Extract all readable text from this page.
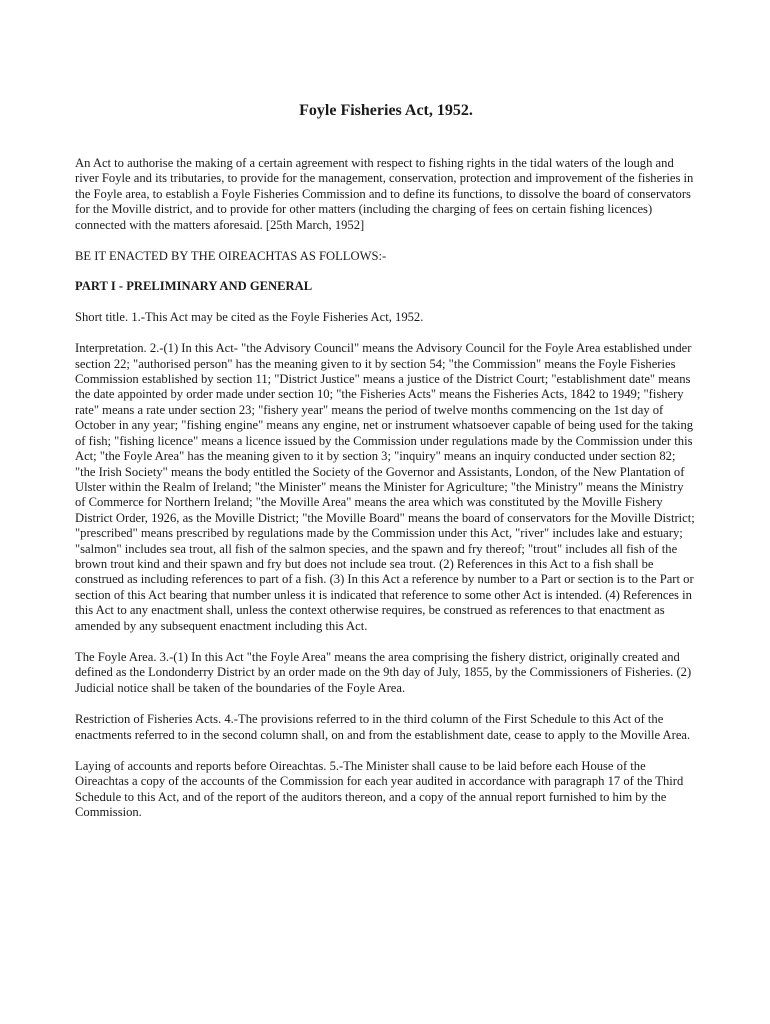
Foyle Fisheries Act, 1952.

An Act to authorise the making of a certain agreement with respect to fishing rights in the tidal waters of the lough and river Foyle and its tributaries, to provide for the management, conservation, protection and improvement of the fisheries in the Foyle area, to establish a Foyle Fisheries Commission and to define its functions, to dissolve the board of conservators for the Moville district, and to provide for other matters (including the charging of fees on certain fishing licences) connected with the matters aforesaid. [25th March, 1952]

BE IT ENACTED BY THE OIREACHTAS AS FOLLOWS:-

PART I - PRELIMINARY AND GENERAL

Short title. 1.-This Act may be cited as the Foyle Fisheries Act, 1952.

Interpretation. 2.-(1) In this Act- "the Advisory Council" means the Advisory Council for the Foyle Area established under section 22; "authorised person" has the meaning given to it by section 54; "the Commission" means the Foyle Fisheries Commission established by section 11; "District Justice" means a justice of the District Court; "establishment date" means the date appointed by order made under section 10; "the Fisheries Acts" means the Fisheries Acts, 1842 to 1949; "fishery rate" means a rate under section 23; "fishery year" means the period of twelve months commencing on the 1st day of October in any year; "fishing engine" means any engine, net or instrument whatsoever capable of being used for the taking of fish; "fishing licence" means a licence issued by the Commission under regulations made by the Commission under this Act; "the Foyle Area" has the meaning given to it by section 3; "inquiry" means an inquiry conducted under section 82; "the Irish Society" means the body entitled the Society of the Governor and Assistants, London, of the New Plantation of Ulster within the Realm of Ireland; "the Minister" means the Minister for Agriculture; "the Ministry" means the Ministry of Commerce for Northern Ireland; "the Moville Area" means the area which was constituted by the Moville Fishery District Order, 1926, as the Moville District; "the Moville Board" means the board of conservators for the Moville District; "prescribed" means prescribed by regulations made by the Commission under this Act, "river" includes lake and estuary; "salmon" includes sea trout, all fish of the salmon species, and the spawn and fry thereof; "trout" includes all fish of the brown trout kind and their spawn and fry but does not include sea trout. (2) References in this Act to a fish shall be construed as including references to part of a fish. (3) In this Act a reference by number to a Part or section is to the Part or section of this Act bearing that number unless it is indicated that reference to some other Act is intended. (4) References in this Act to any enactment shall, unless the context otherwise requires, be construed as references to that enactment as amended by any subsequent enactment including this Act.

The Foyle Area. 3.-(1) In this Act "the Foyle Area" means the area comprising the fishery district, originally created and defined as the Londonderry District by an order made on the 9th day of July, 1855, by the Commissioners of Fisheries. (2) Judicial notice shall be taken of the boundaries of the Foyle Area.

Restriction of Fisheries Acts. 4.-The provisions referred to in the third column of the First Schedule to this Act of the enactments referred to in the second column shall, on and from the establishment date, cease to apply to the Moville Area.

Laying of accounts and reports before Oireachtas. 5.-The Minister shall cause to be laid before each House of the Oireachtas a copy of the accounts of the Commission for each year audited in accordance with paragraph 17 of the Third Schedule to this Act, and of the report of the auditors thereon, and a copy of the annual report furnished to him by the Commission.
